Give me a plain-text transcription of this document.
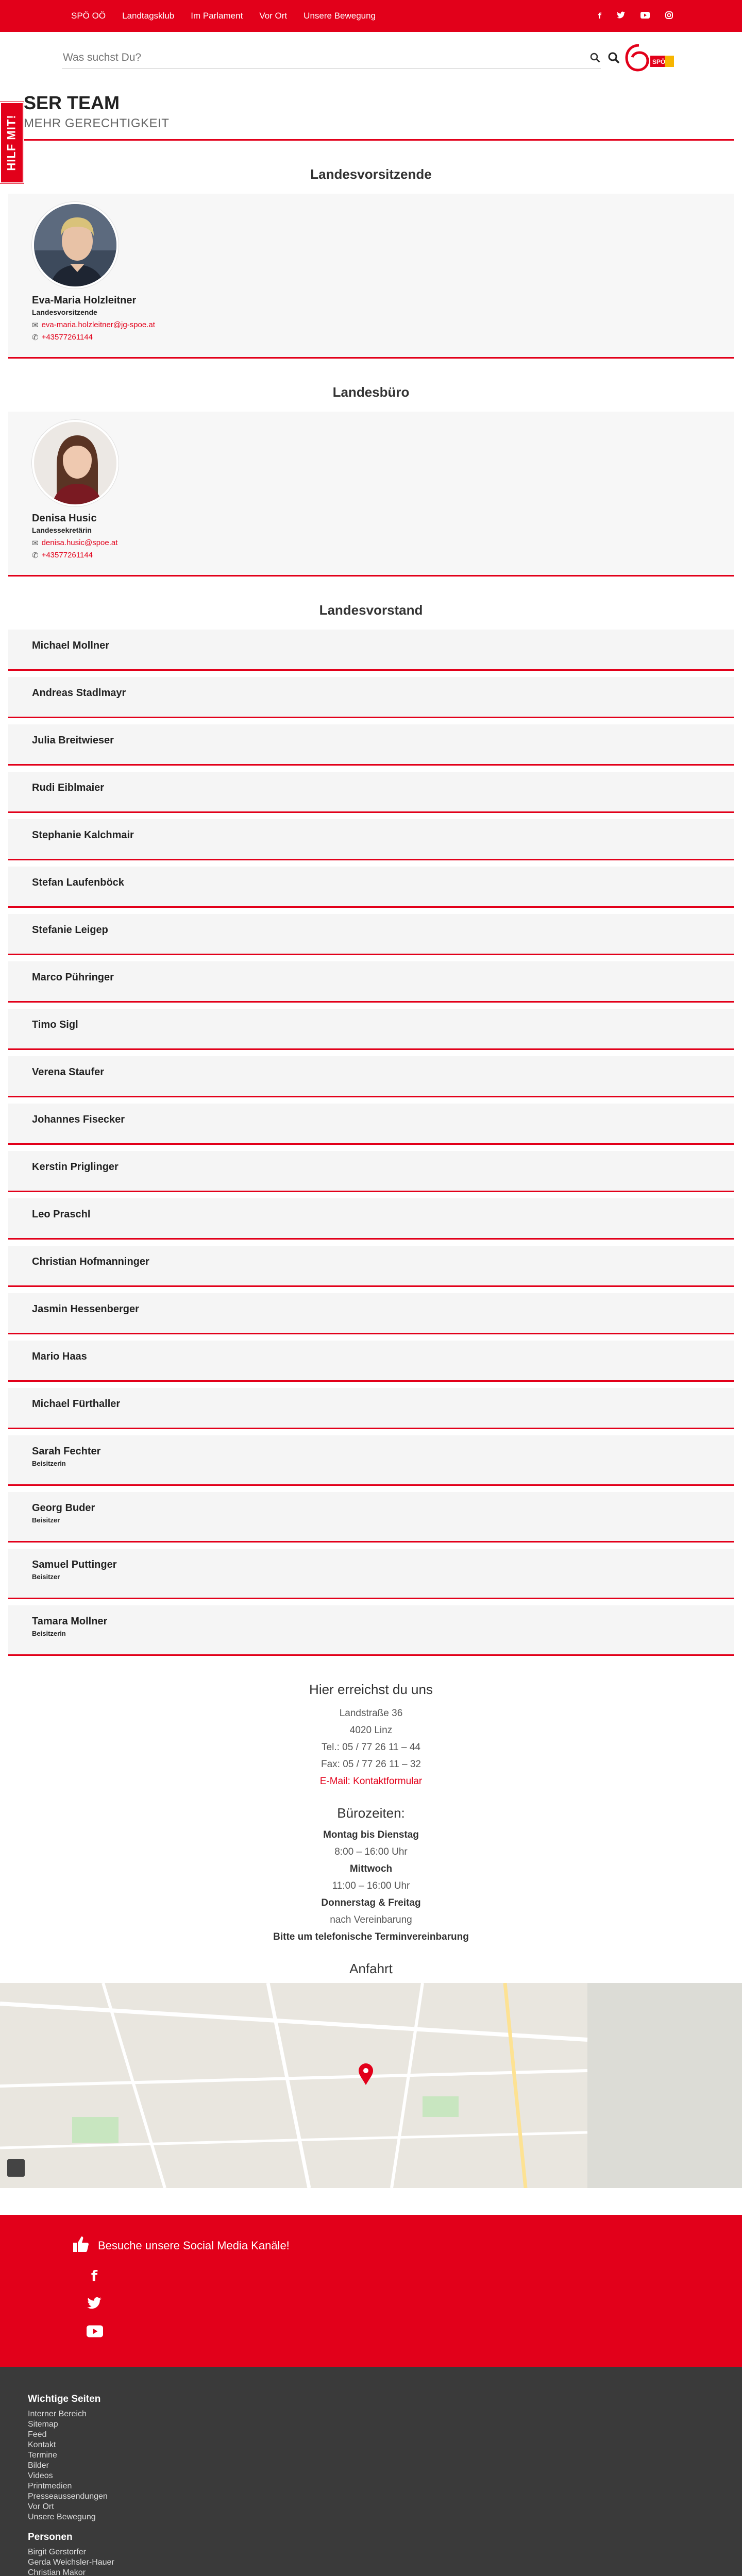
SPÖ OÖ	Landtagsklub	Im Parlament	Vor Ort	Unsere Bewegung	f
Was suchst Du?
SPÖ
HILF MIT!
SER TEAM
MEHR GERECHTIGKEIT
Landesvorsitzende
Eva-Maria Holzleitner
Landesvorsitzende
✉ eva-maria.holzleitner@jg-spoe.at
✆ +43577261144
Landesbüro
Denisa Husic
Landessekretärin
✉ denisa.husic@spoe.at
✆ +43577261144
Landesvorstand
Michael Mollner
Andreas Stadlmayr
Julia Breitwieser
Rudi Eiblmaier
Stephanie Kalchmair
Stefan Laufenböck
Stefanie Leigep
Marco Pühringer
Timo Sigl
Verena Staufer
Johannes Fisecker
Kerstin Priglinger
Leo Praschl
Christian Hofmanninger
Jasmin Hessenberger
Mario Haas
Michael Fürthaller
Sarah Fechter
Beisitzerin
Georg Buder
Beisitzer
Samuel Puttinger
Beisitzer
Tamara Mollner
Beisitzerin
Hier erreichst du uns

Landstraße 36

4020 Linz

Tel.: 05 / 77 26 11 – 44

Fax: 05 / 77 26 11 – 32

E-Mail: Kontaktformular

Bürozeiten:

Montag bis Dienstag

8:00 – 16:00 Uhr

Mittwoch

11:00 – 16:00 Uhr

Donnerstag & Freitag

nach Vereinbarung

Bitte um telefonische Terminvereinbarung

Anfahrt
Besuche unsere Social Media Kanäle!
f
Wichtige Seiten
Interner Bereich
Sitemap
Feed
Kontakt
Termine
Bilder
Videos
Printmedien
Presseaussendungen
Vor Ort
Unsere Bewegung
Personen
Birgit Gerstorfer
Gerda Weichsler-Hauer
Christian Makor
